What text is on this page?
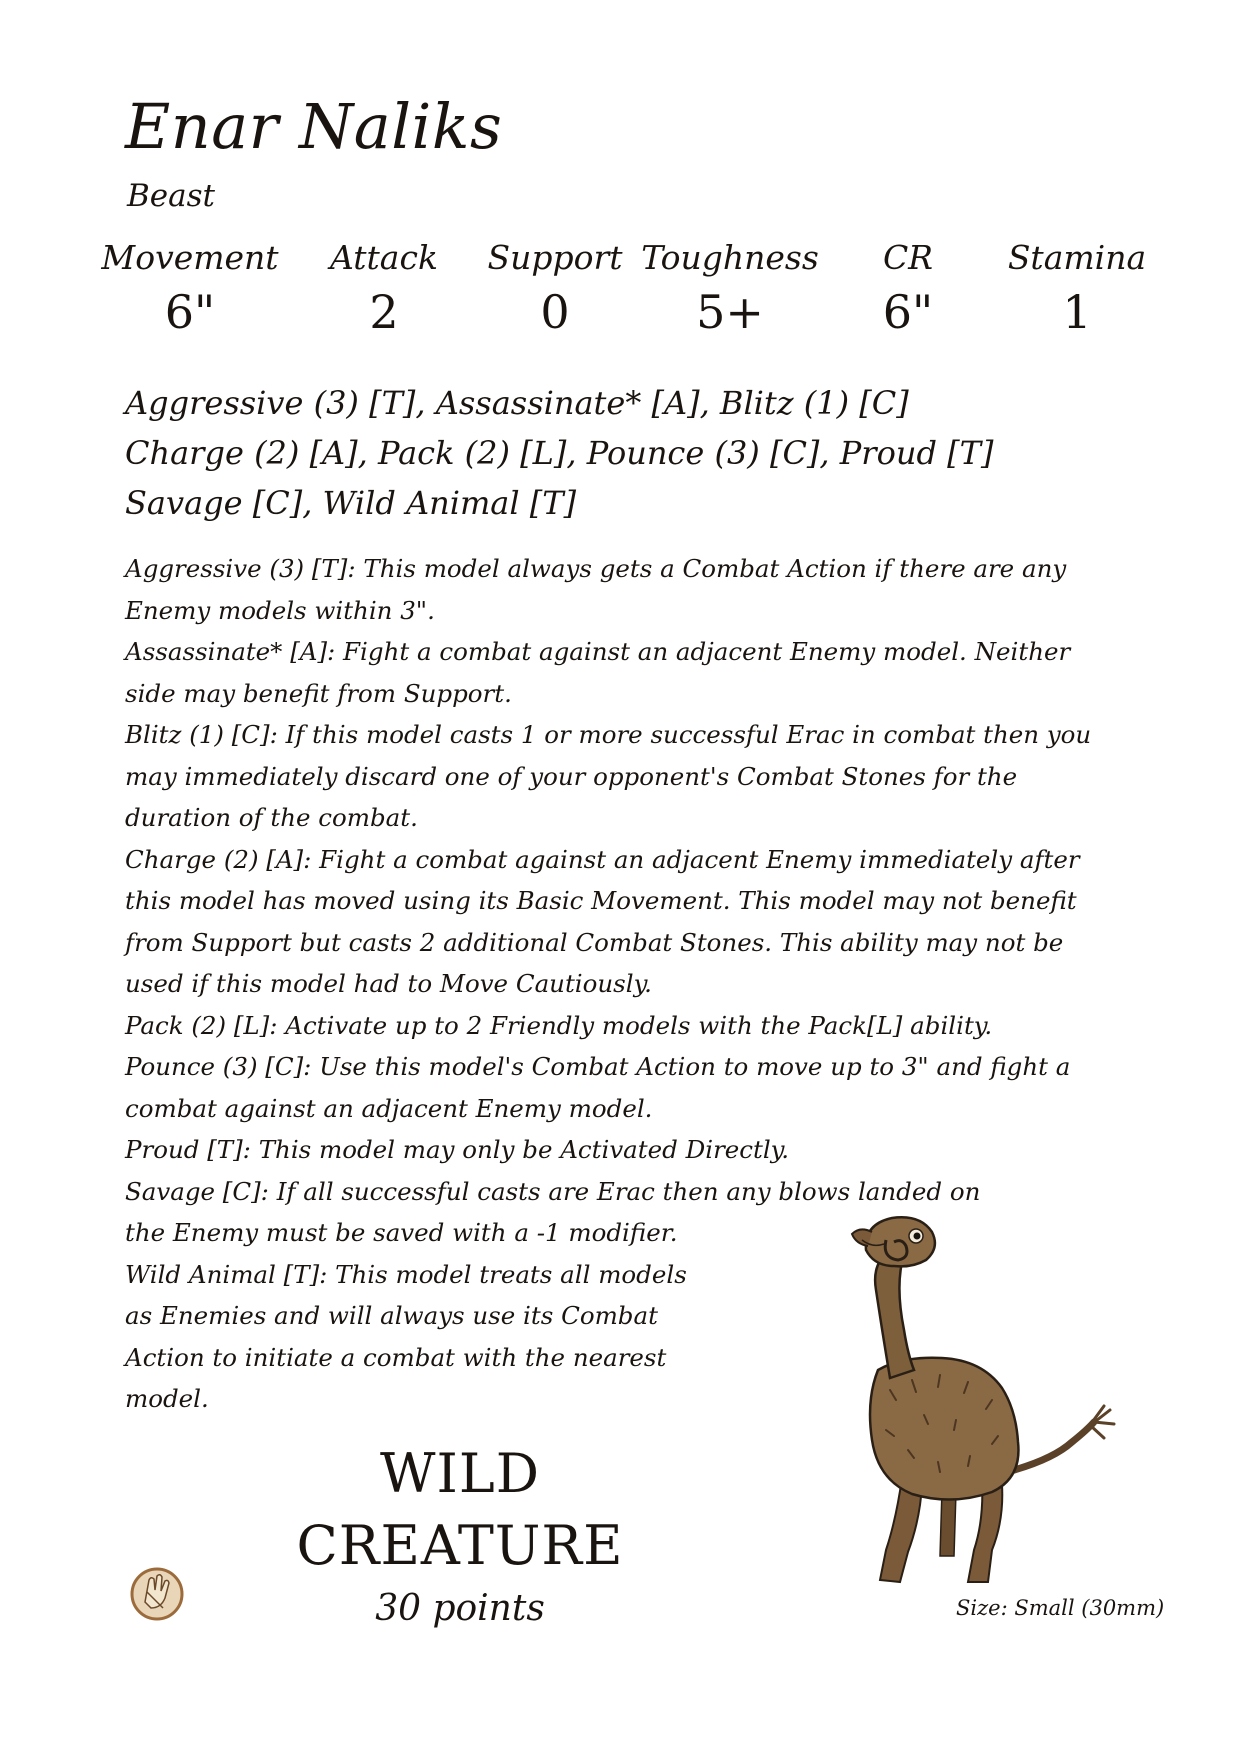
Enar Naliks
Beast
Movement
6"
Attack
2
Support
0
Toughness
5+
CR
6"
Stamina
1
Aggressive (3) [T], Assassinate* [A], Blitz (1) [C]
Charge (2) [A], Pack (2) [L], Pounce (3) [C], Proud [T]
Savage [C], Wild Animal [T]

Aggressive (3) [T]: This model always gets a Combat Action if there are any Enemy models within 3".

Assassinate* [A]: Fight a combat against an adjacent Enemy model. Neither side may benefit from Support.

Blitz (1) [C]: If this model casts 1 or more successful Erac in combat then you may immediately discard one of your opponent's Combat Stones for the duration of the combat.

Charge (2) [A]: Fight a combat against an adjacent Enemy immediately after this model has moved using its Basic Movement. This model may not benefit from Support but casts 2 additional Combat Stones. This ability may not be used if this model had to Move Cautiously.

Pack (2) [L]: Activate up to 2 Friendly models with the Pack[L] ability.

Pounce (3) [C]: Use this model's Combat Action to move up to 3" and fight a combat against an adjacent Enemy model.

Proud [T]: This model may only be Activated Directly.

Savage [C]: If all successful casts are Erac then any blows landed on the Enemy must be saved with a -1 modifier.

Wild Animal [T]: This model treats all models as Enemies and will always use its Combat Action to initiate a combat with the nearest model.

WILD
CREATURE
30 points	Size: Small (30mm)
